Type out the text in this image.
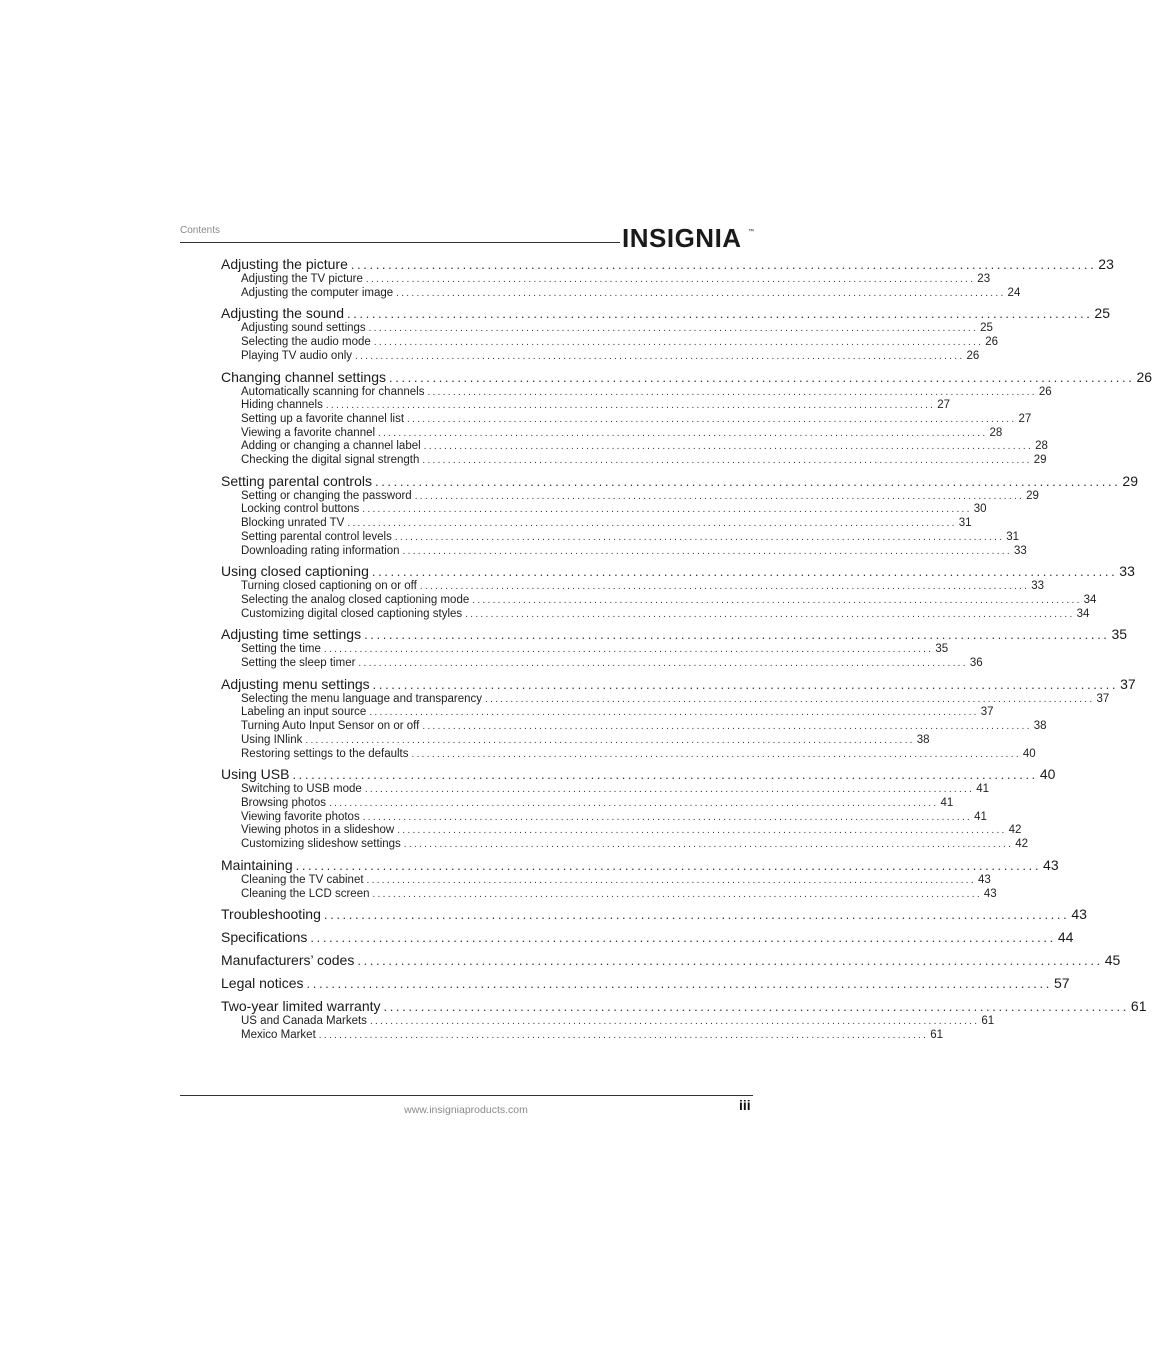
Contents	INSIGNIA ™
Adjusting the picture ........................................................................................................................ 23
Adjusting the TV picture ........................................................................................................................ 23
Adjusting the computer image ........................................................................................................................ 24
Adjusting the sound ........................................................................................................................ 25
Adjusting sound settings ........................................................................................................................ 25
Selecting the audio mode ........................................................................................................................ 26
Playing TV audio only ........................................................................................................................ 26
Changing channel settings ........................................................................................................................ 26
Automatically scanning for channels ........................................................................................................................ 26
Hiding channels ........................................................................................................................ 27
Setting up a favorite channel list ........................................................................................................................ 27
Viewing a favorite channel ........................................................................................................................ 28
Adding or changing a channel label ........................................................................................................................ 28
Checking the digital signal strength ........................................................................................................................ 29
Setting parental controls ........................................................................................................................ 29
Setting or changing the password ........................................................................................................................ 29
Locking control buttons ........................................................................................................................ 30
Blocking unrated TV ........................................................................................................................ 31
Setting parental control levels ........................................................................................................................ 31
Downloading rating information ........................................................................................................................ 33
Using closed captioning ........................................................................................................................ 33
Turning closed captioning on or off ........................................................................................................................ 33
Selecting the analog closed captioning mode ........................................................................................................................ 34
Customizing digital closed captioning styles ........................................................................................................................ 34
Adjusting time settings ........................................................................................................................ 35
Setting the time ........................................................................................................................ 35
Setting the sleep timer ........................................................................................................................ 36
Adjusting menu settings ........................................................................................................................ 37
Selecting the menu language and transparency ........................................................................................................................ 37
Labeling an input source ........................................................................................................................ 37
Turning Auto Input Sensor on or off ........................................................................................................................ 38
Using INlink ........................................................................................................................ 38
Restoring settings to the defaults ........................................................................................................................ 40
Using USB ........................................................................................................................ 40
Switching to USB mode ........................................................................................................................ 41
Browsing photos ........................................................................................................................ 41
Viewing favorite photos ........................................................................................................................ 41
Viewing photos in a slideshow ........................................................................................................................ 42
Customizing slideshow settings ........................................................................................................................ 42
Maintaining ........................................................................................................................ 43
Cleaning the TV cabinet ........................................................................................................................ 43
Cleaning the LCD screen ........................................................................................................................ 43
Troubleshooting ........................................................................................................................ 43
Specifications ........................................................................................................................ 44
Manufacturers’ codes ........................................................................................................................ 45
Legal notices ........................................................................................................................ 57
Two-year limited warranty ........................................................................................................................ 61
US and Canada Markets ........................................................................................................................ 61
Mexico Market ........................................................................................................................ 61
www.insigniaproducts.com	iii
